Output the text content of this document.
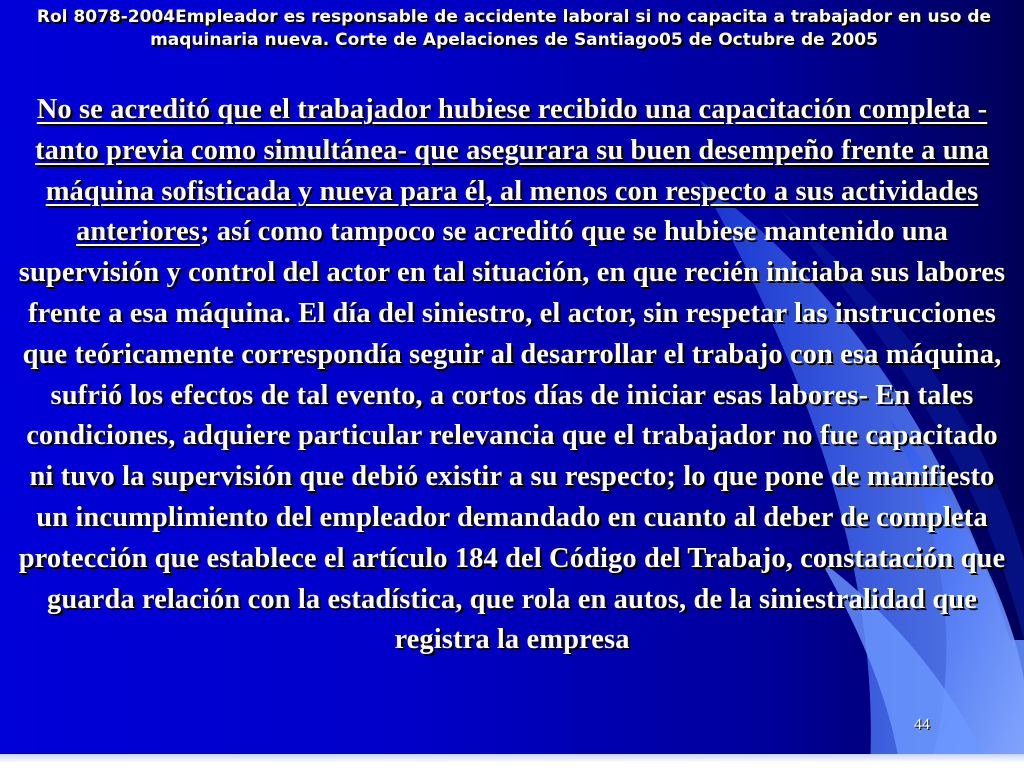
Rol 8078-2004Empleador es responsable de accidente laboral si no capacita a trabajador en uso de maquinaria nueva. Corte de Apelaciones de Santiago05 de Octubre de 2005

No se acreditó que el trabajador hubiese recibido una capacitación completa -tanto previa como simultánea- que asegurara su buen desempeño frente a una máquina sofisticada y nueva para él, al menos con respecto a sus actividades anteriores; así como tampoco se acreditó que se hubiese mantenido una supervisión y control del actor en tal situación, en que recién iniciaba sus labores frente a esa máquina. El día del siniestro, el actor, sin respetar las instrucciones que teóricamente correspondía seguir al desarrollar el trabajo con esa máquina, sufrió los efectos de tal evento, a cortos días de iniciar esas labores- En tales condiciones, adquiere particular relevancia que el trabajador no fue capacitado ni tuvo la supervisión que debió existir a su respecto; lo que pone de manifiesto un incumplimiento del empleador demandado en cuanto al deber de completa protección que establece el artículo 184 del Código del Trabajo, constatación que guarda relación con la estadística, que rola en autos, de la siniestralidad que registra la empresa

44
